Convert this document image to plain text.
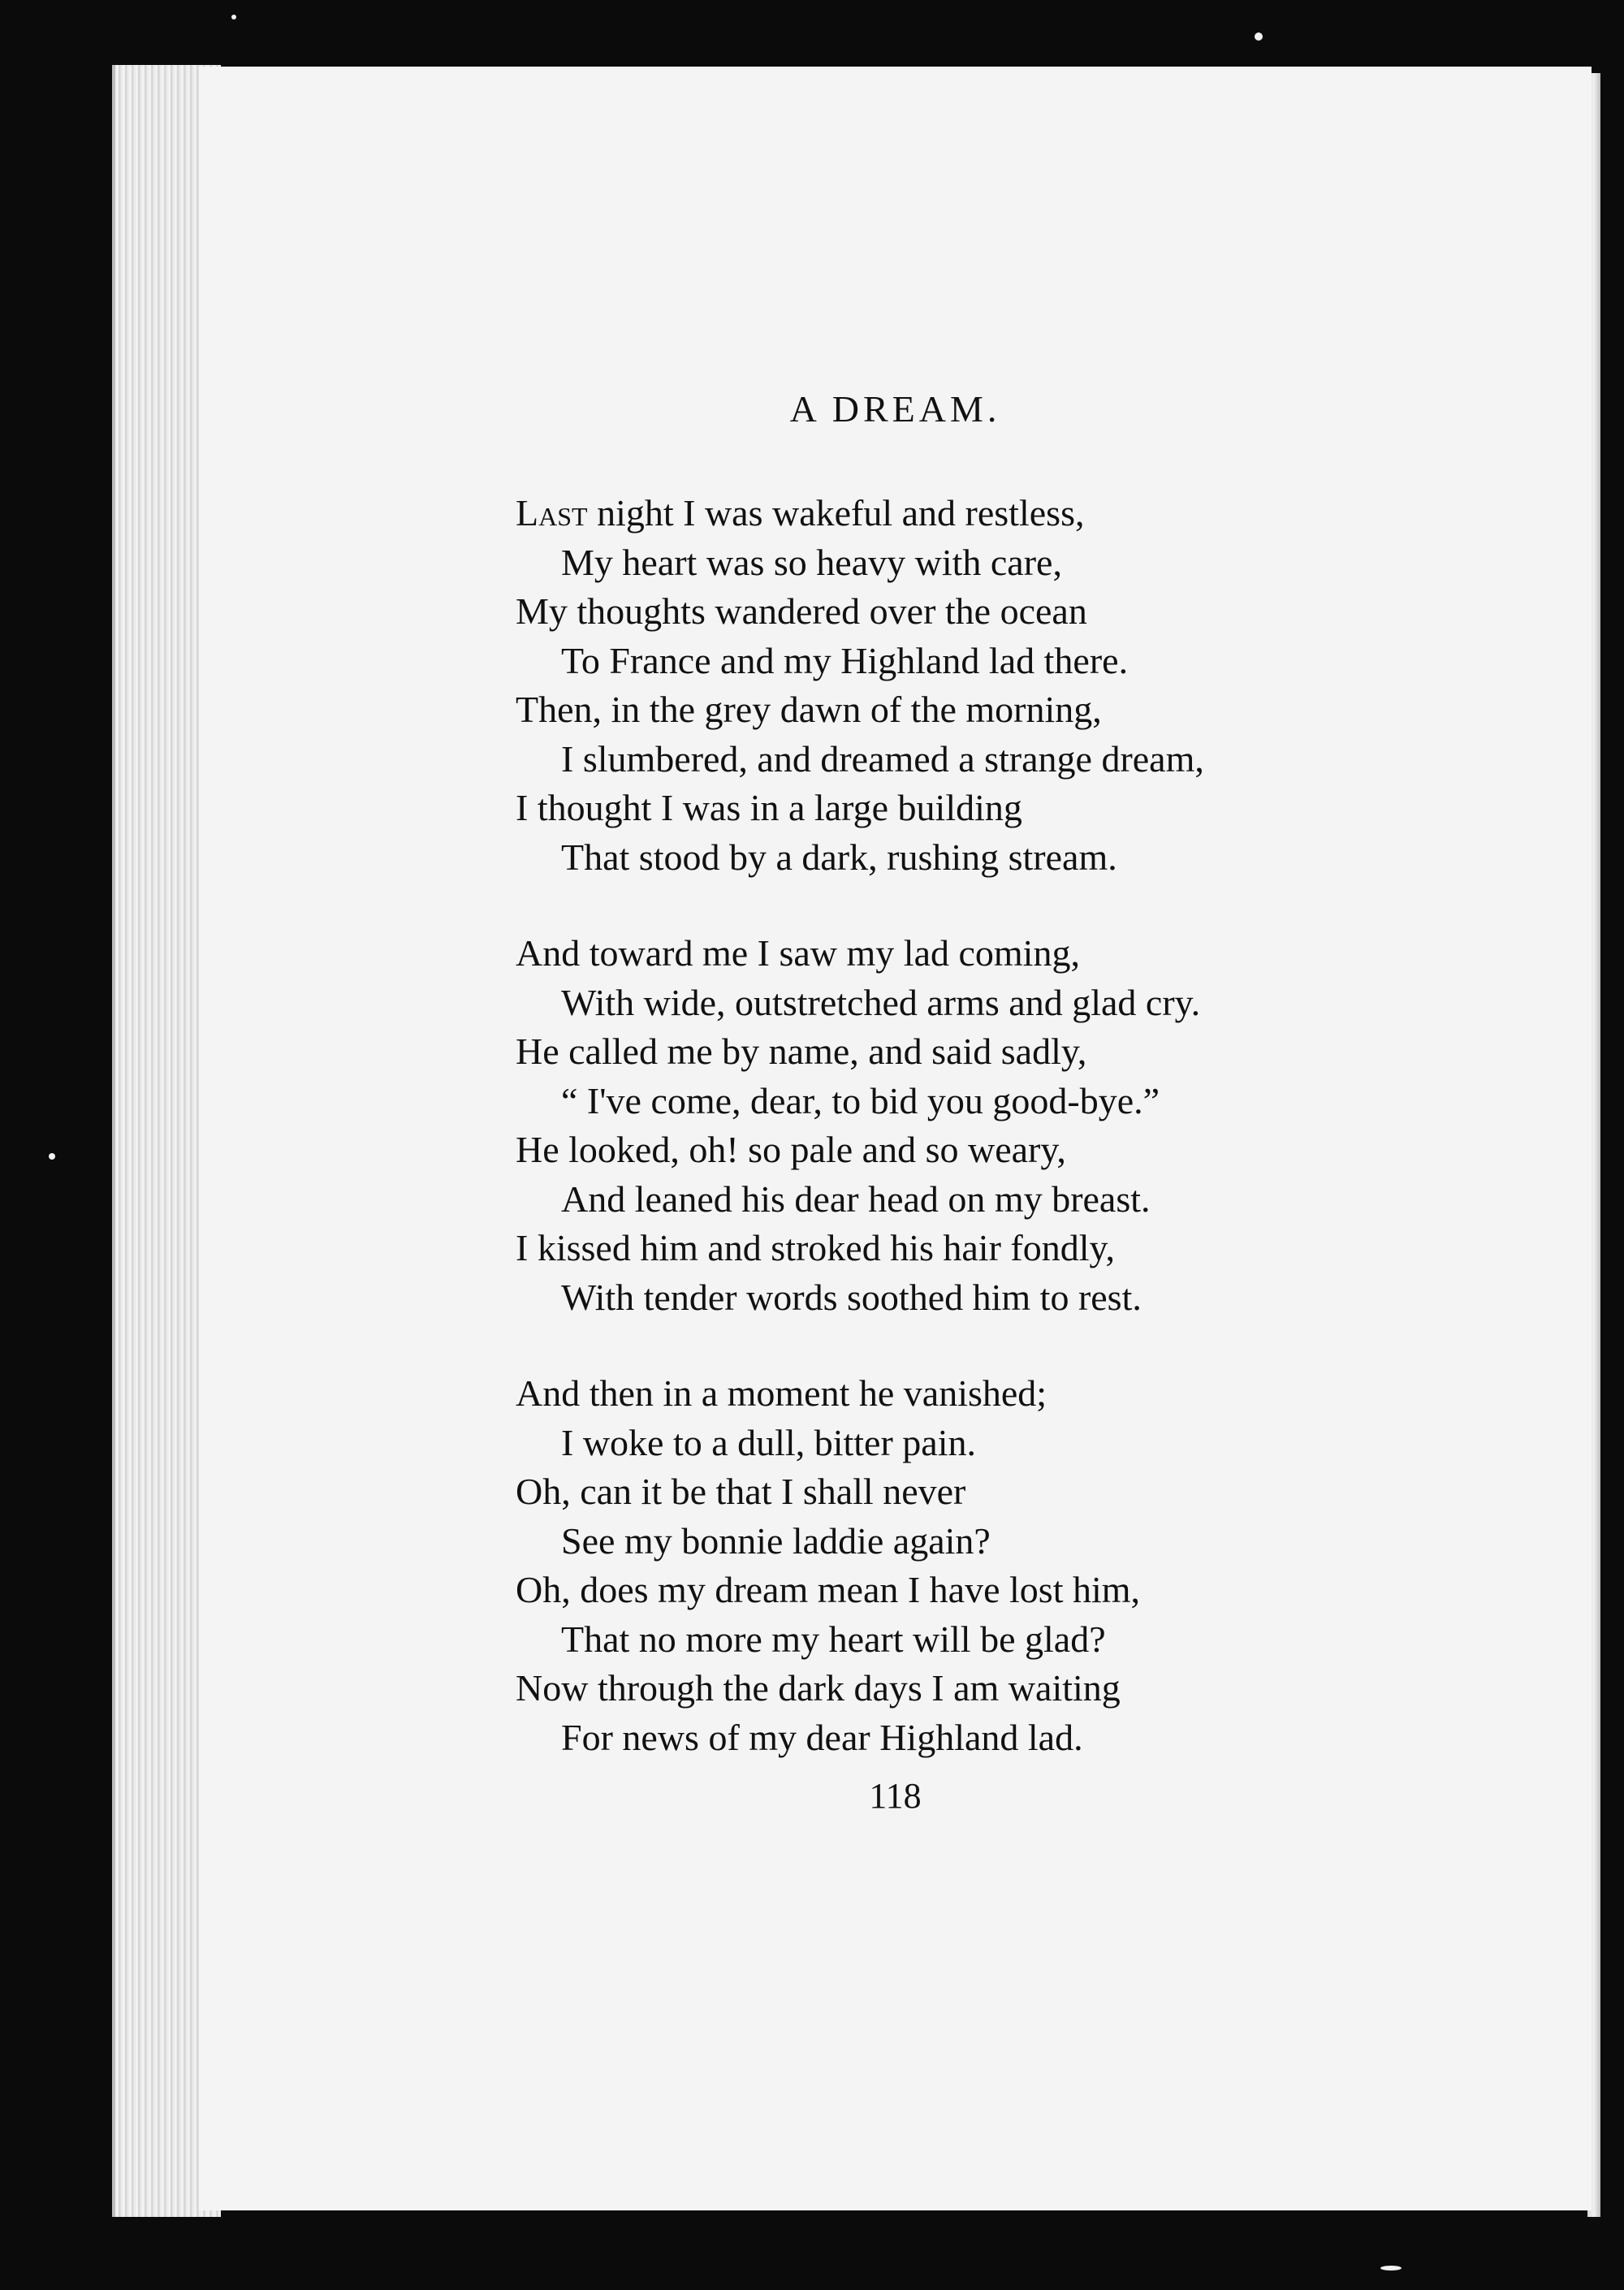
A DREAM.
Last night I was wakeful and restless,
My heart was so heavy with care,
My thoughts wandered over the ocean
To France and my Highland lad there.
Then, in the grey dawn of the morning,
I slumbered, and dreamed a strange dream,
I thought I was in a large building
That stood by a dark, rushing stream.
And toward me I saw my lad coming,
With wide, outstretched arms and glad cry.
He called me by name, and said sadly,
“ I've come, dear, to bid you good-bye.”
He looked, oh! so pale and so weary,
And leaned his dear head on my breast.
I kissed him and stroked his hair fondly,
With tender words soothed him to rest.
And then in a moment he vanished;
I woke to a dull, bitter pain.
Oh, can it be that I shall never
See my bonnie laddie again?
Oh, does my dream mean I have lost him,
That no more my heart will be glad?
Now through the dark days I am waiting
For news of my dear Highland lad.
118
